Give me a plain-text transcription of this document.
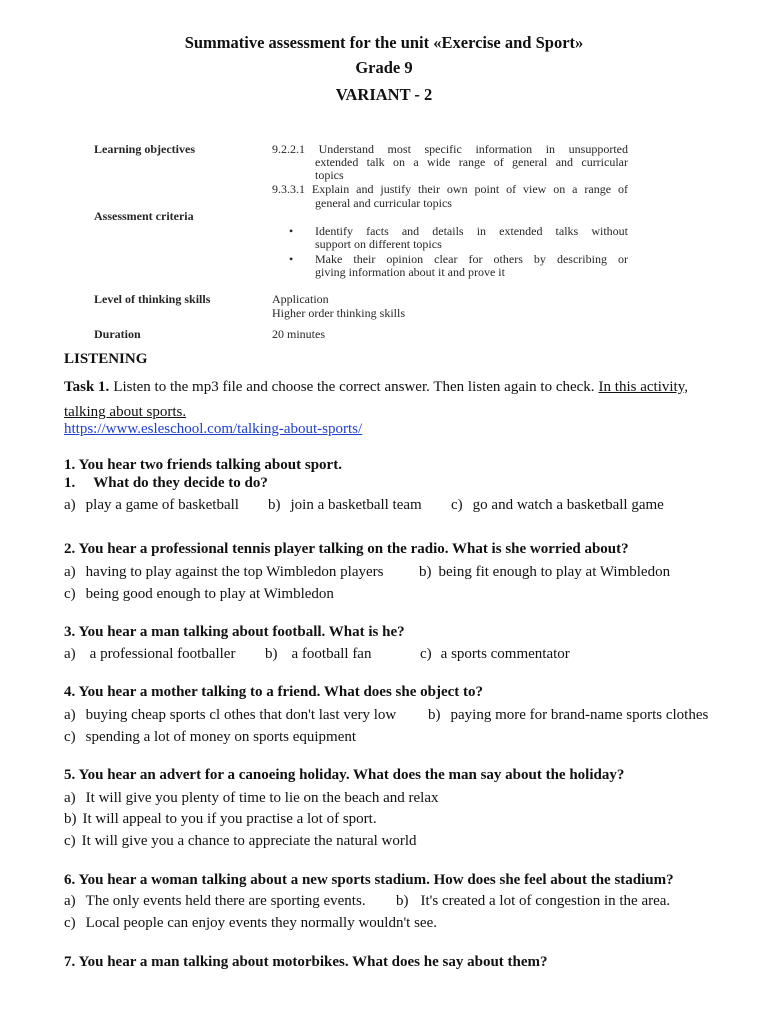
Summative assessment for the unit «Exercise and Sport»
Grade 9
VARIANT - 2
Learning objectives	9.2.2.1 Understand most specific information in unsupported
extended talk on a wide range of general and curricular
topics
9.3.3.1 Explain and justify their own point of view on a range of
general and curricular topics
Assessment criteria
• Identify facts and details in extended talks without
support on different topics
• Make their opinion clear for others by describing or
giving information about it and prove it
Level of thinking skills	Application
Higher order thinking skills
Duration	20 minutes
LISTENING
Task 1. Listen to the mp3 file and choose the correct answer. Then listen again to check. In this activity,
talking about sports.
https://www.esleschool.com/talking-about-sports/
1. You hear two friends talking about sport.
1. What do they decide to do?
a) play a game of basketball b) join a basketball team c) go and watch a basketball game
2. You hear a professional tennis player talking on the radio. What is she worried about?
a) having to play against the top Wimbledon players b) being fit enough to play at Wimbledon
c) being good enough to play at Wimbledon
3. You hear a man talking about football. What is he?
a) a professional footballer b) a football fan	c) a sports commentator
4. You hear a mother talking to a friend. What does she object to?
a) buying cheap sports cl othes that don't last very low b) paying more for brand-name sports clothes
c) spending a lot of money on sports equipment
5. You hear an advert for a canoeing holiday. What does the man say about the holiday?
a) It will give you plenty of time to lie on the beach and relax
b) It will appeal to you if you practise a lot of sport.
c) It will give you a chance to appreciate the natural world
6. You hear a woman talking about a new sports stadium. How does she feel about the stadium?
a) The only events held there are sporting events. b) It's created a lot of congestion in the area.
c) Local people can enjoy events they normally wouldn't see.
7. You hear a man talking about motorbikes. What does he say about them?
